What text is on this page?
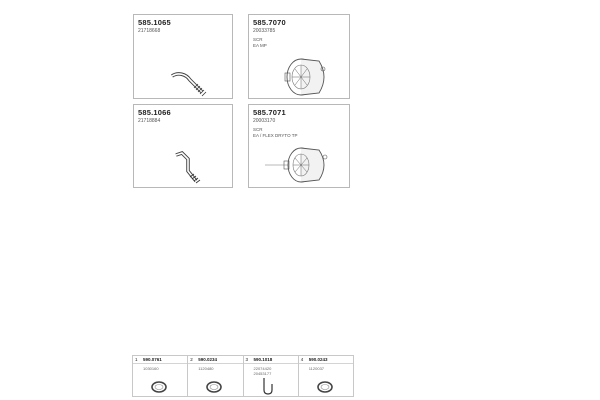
585.1065
21718668
585.7070
20033785
SCR
EA MP
585.1066
21718884
585.7071
20003170
SCR
EA / FLEX DRYTO TP
1 590.0761
1030160
2 590.0234
1120480
3 590.1018
22074420
20453177
4 590.0243
1120037
